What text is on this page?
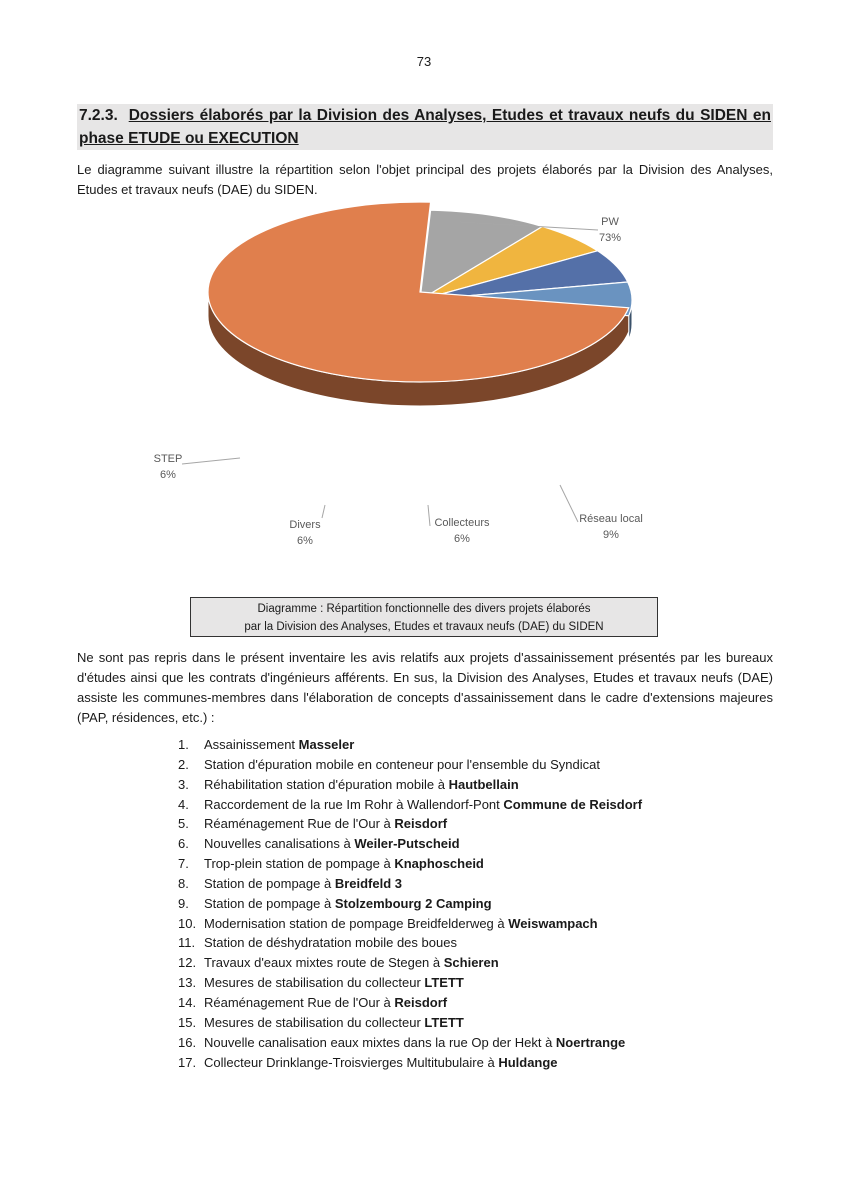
73
7.2.3. Dossiers élaborés par la Division des Analyses, Etudes et travaux neufs du SIDEN en phase ETUDE ou EXECUTION
Le diagramme suivant illustre la répartition selon l'objet principal des projets élaborés par la Division des Analyses, Etudes et travaux neufs (DAE) du SIDEN.
PW
73%
Réseau local
9%
Collecteurs
6%
Divers
6%
STEP
6%
Diagramme : Répartition fonctionnelle des divers projets élaborés
par la Division des Analyses, Etudes et travaux neufs (DAE) du SIDEN
Ne sont pas repris dans le présent inventaire les avis relatifs aux projets d'assainissement présentés par les bureaux d'études ainsi que les contrats d'ingénieurs afférents. En sus, la Division des Analyses, Etudes et travaux neufs (DAE) assiste les communes-membres dans l'élaboration de concepts d'assainissement dans le cadre d'extensions majeures (PAP, résidences, etc.) :
1. Assainissement Masseler
2. Station d'épuration mobile en conteneur pour l'ensemble du Syndicat
3. Réhabilitation station d'épuration mobile à Hautbellain
4. Raccordement de la rue Im Rohr à Wallendorf-Pont Commune de Reisdorf
5. Réaménagement Rue de l'Our à Reisdorf
6. Nouvelles canalisations à Weiler-Putscheid
7. Trop-plein station de pompage à Knaphoscheid
8. Station de pompage à Breidfeld 3
9. Station de pompage à Stolzembourg 2 Camping
10. Modernisation station de pompage Breidfelderweg à Weiswampach
11. Station de déshydratation mobile des boues
12. Travaux d'eaux mixtes route de Stegen à Schieren
13. Mesures de stabilisation du collecteur LTETT
14. Réaménagement Rue de l'Our à Reisdorf
15. Mesures de stabilisation du collecteur LTETT
16. Nouvelle canalisation eaux mixtes dans la rue Op der Hekt à Noertrange
17. Collecteur Drinklange-Troisvierges Multitubulaire à Huldange
